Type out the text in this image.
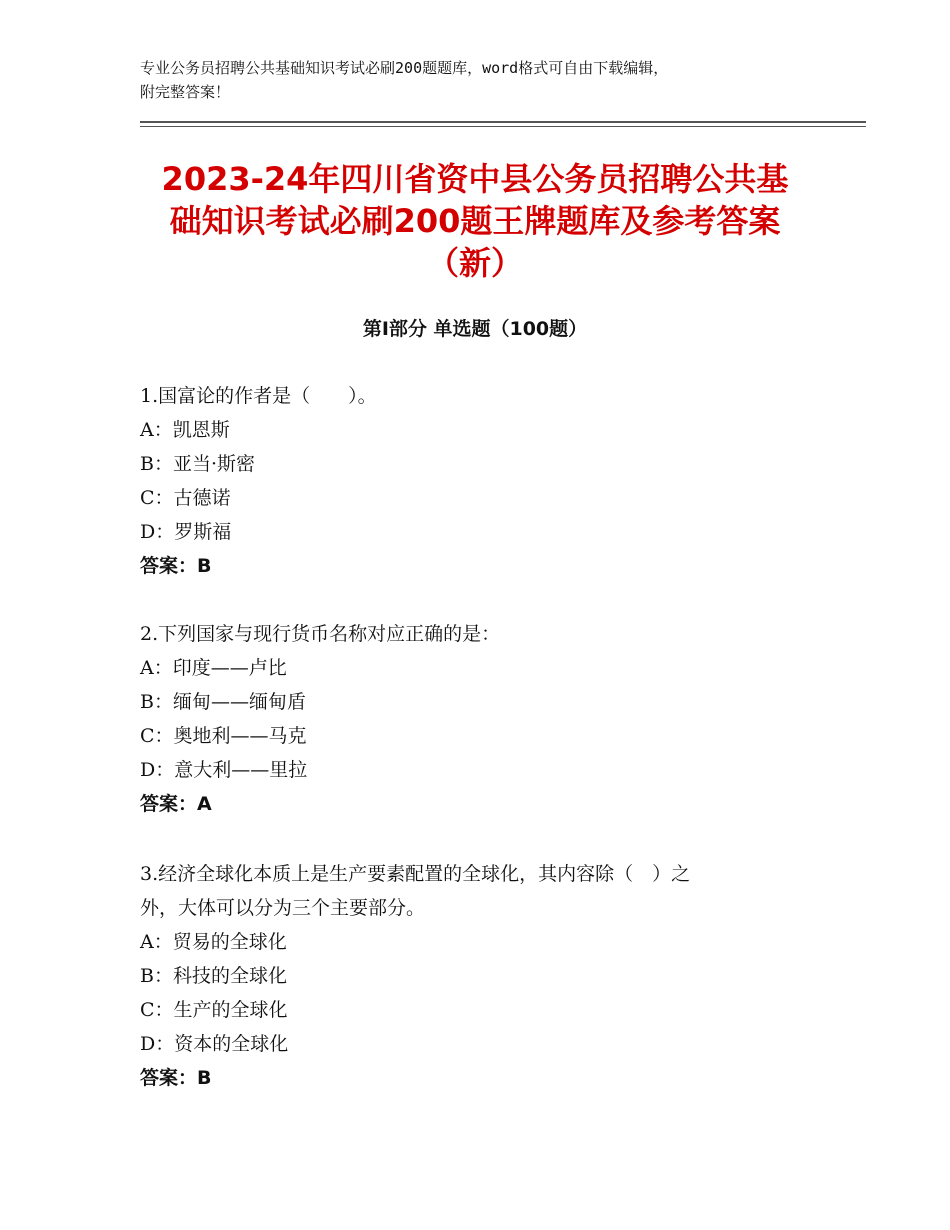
专业公务员招聘公共基础知识考试必刷200题题库，word格式可自由下载编辑，
附完整答案！
2023-24年四川省资中县公务员招聘公共基
础知识考试必刷200题王牌题库及参考答案
（新）
第Ⅰ部分 单选题（100题）
1.国富论的作者是（　　）。
A：凯恩斯
B：亚当·斯密
C：古德诺
D：罗斯福
答案：B
2.下列国家与现行货币名称对应正确的是：
A：印度——卢比
B：缅甸——缅甸盾
C：奥地利——马克
D：意大利——里拉
答案：A
3.经济全球化本质上是生产要素配置的全球化，其内容除（　）之
外，大体可以分为三个主要部分。
A：贸易的全球化
B：科技的全球化
C：生产的全球化
D：资本的全球化
答案：B
